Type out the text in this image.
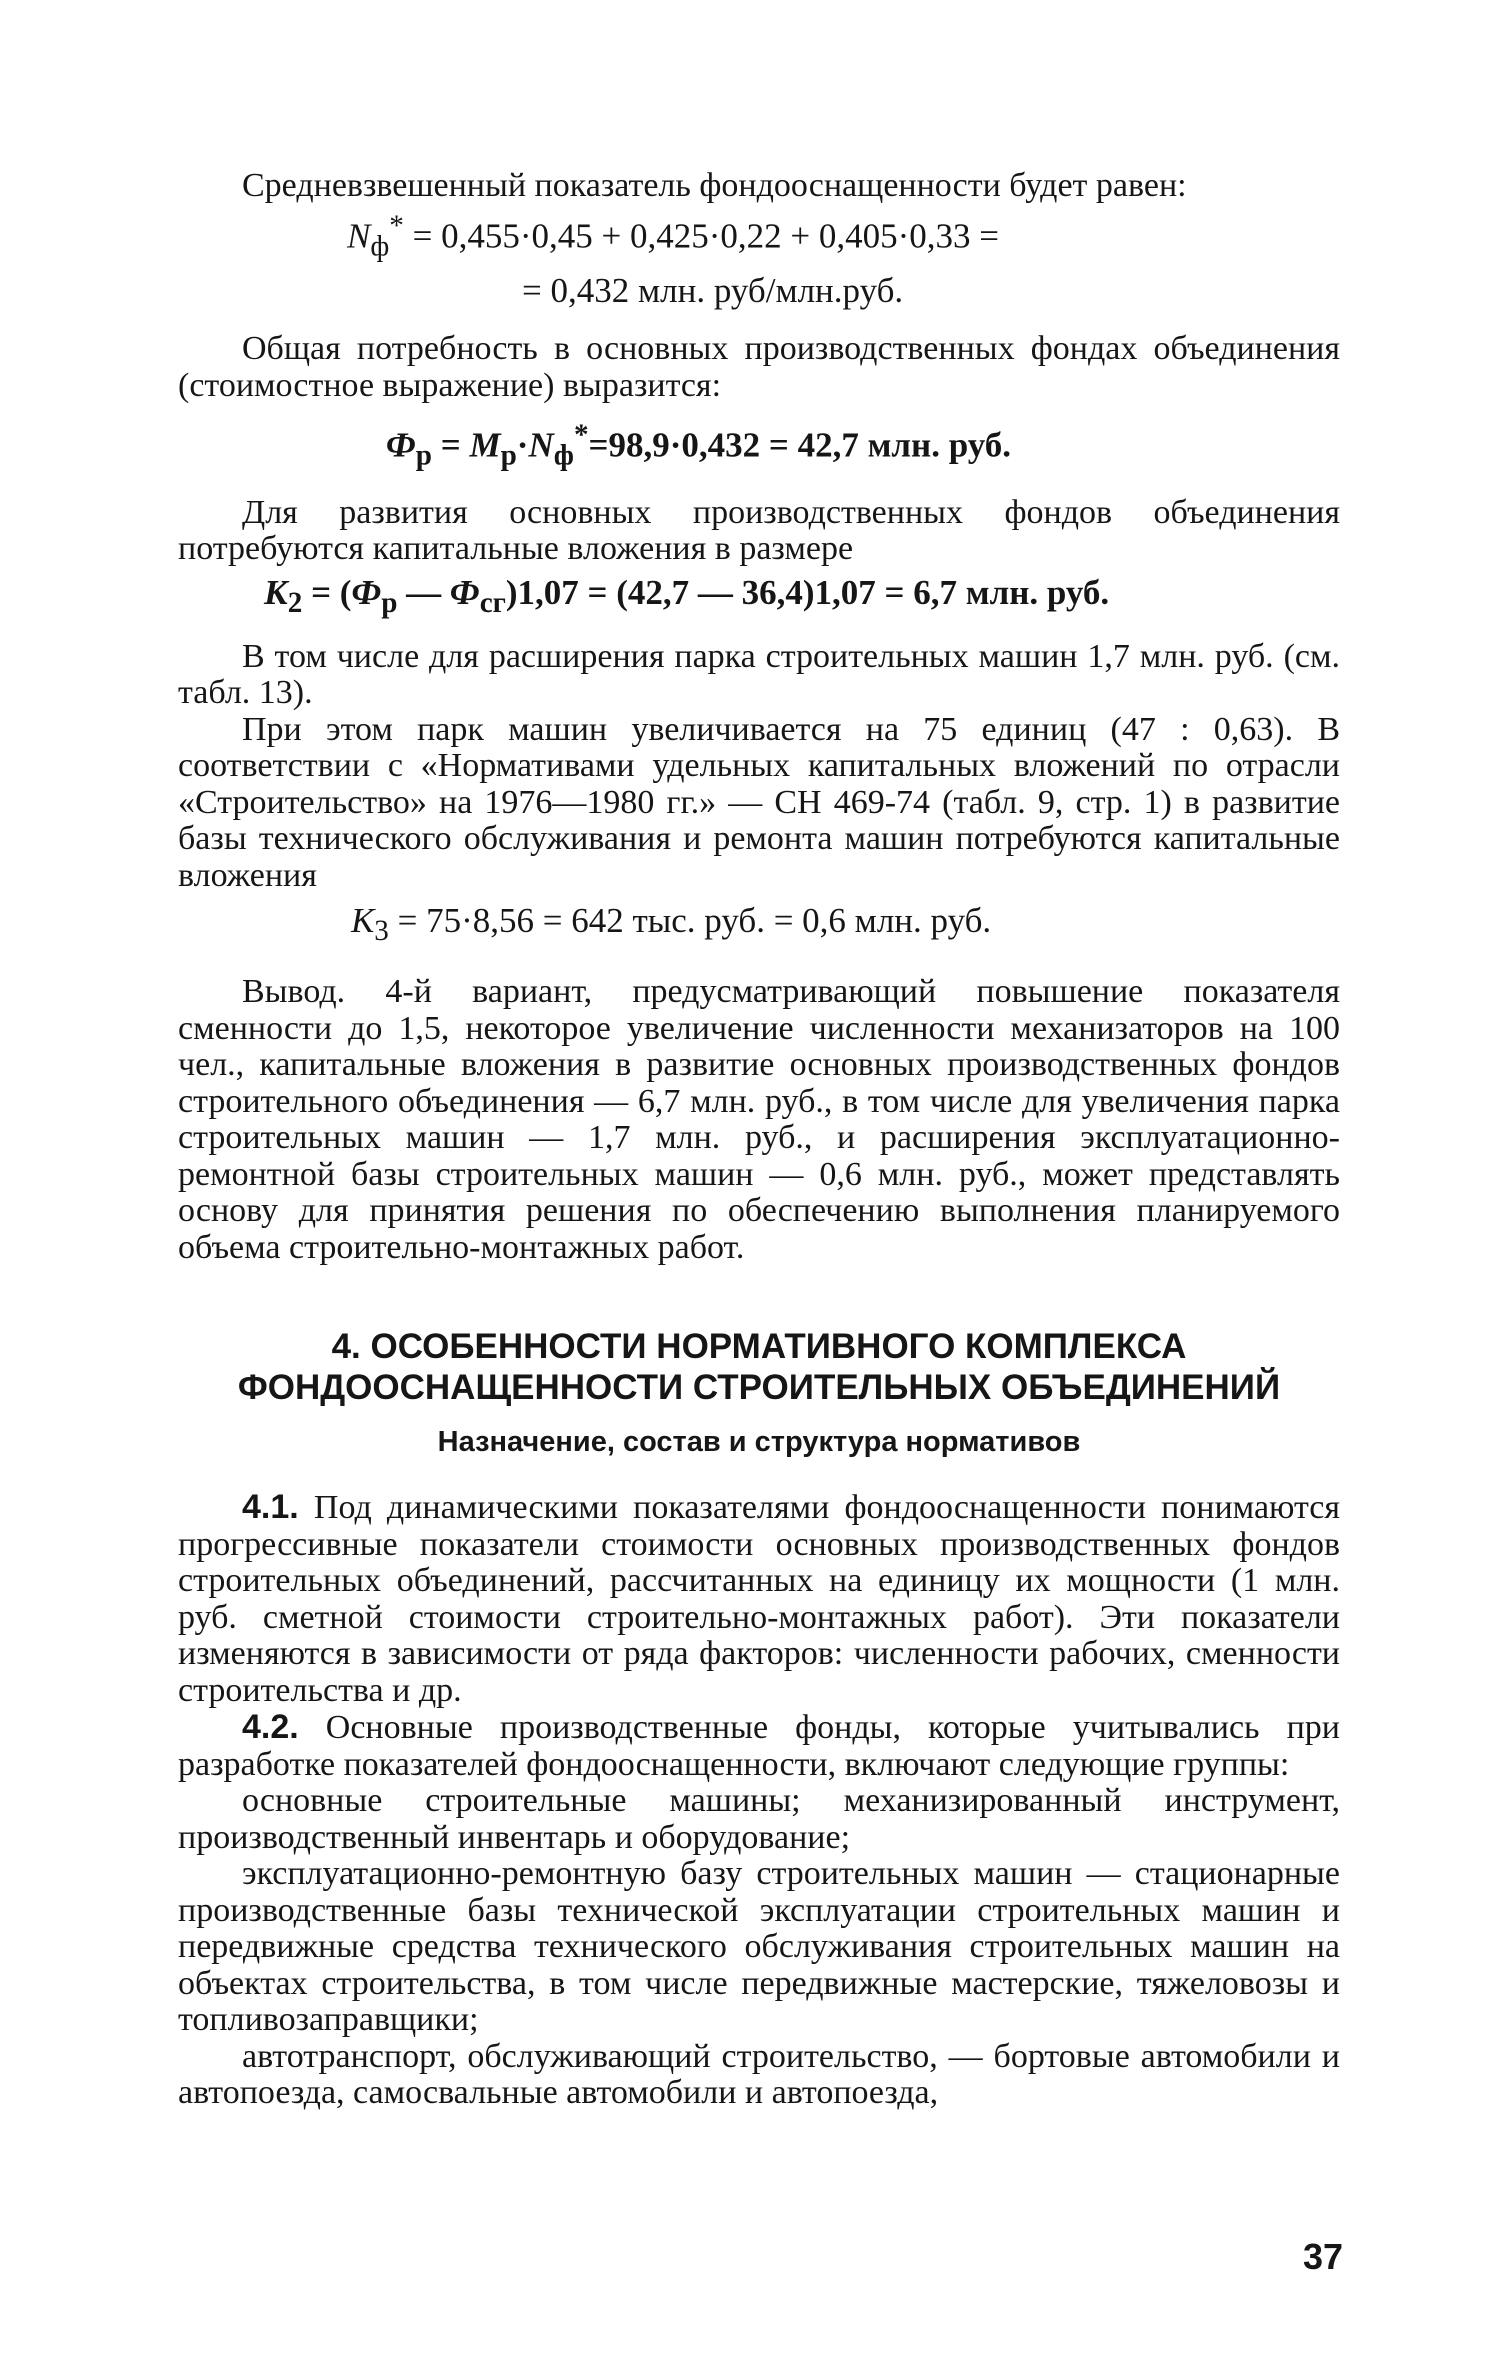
Средневзвешенный показатель фондооснащенности будет равен:

$N_ф^* = 0,455\cdot 0,45 + 0,425\cdot 0,22 + 0,405\cdot 0,33$ =
= 0,432 млн. руб/млн.руб.

Общая потребность в основных производственных фондах объединения (стоимостное выражение) выразится:

$Ф_р = М_р\cdot N_ф^*=98,9\cdot 0,432 = 42,7$ млн. руб.

Для развития основных производственных фондов объединения потребуются капитальные вложения в размере

$К_2 = (Ф_р$ — $Ф_{сг})1,07 = (42,7$ — 36,4)1,07 = 6,7 млн. руб.

В том числе для расширения парка строительных машин 1,7 млн. руб. (см. табл. 13).

При этом парк машин увеличивается на 75 единиц (47 : 0,63). В соответствии с «Нормативами удельных капитальных вложений по отрасли «Строительство» на 1976—1980 гг.» — СН 469-74 (табл. 9, стр. 1) в развитие базы технического обслуживания и ремонта машин потребуются капитальные вложения

$К_3 = 75\cdot 8,56 = 642$ тыс. руб. = 0,6 млн. руб.

Вывод. 4-й вариант, предусматривающий повышение показателя сменности до 1,5, некоторое увеличение численности механизаторов на 100 чел., капитальные вложения в развитие основных производственных фондов строительного объединения — 6,7 млн. руб., в том числе для увеличения парка строительных машин — 1,7 млн. руб., и расширения эксплуатационно-ремонтной базы строительных машин — 0,6 млн. руб., может представлять основу для принятия решения по обеспечению выполнения планируемого объема строительно-монтажных работ.

4. ОСОБЕННОСТИ НОРМАТИВНОГО КОМПЛЕКСА
ФОНДООСНАЩЕННОСТИ СТРОИТЕЛЬНЫХ ОБЪЕДИНЕНИЙ
Назначение, состав и структура нормативов

4.1. Под динамическими показателями фондооснащенности понимаются прогрессивные показатели стоимости основных производственных фондов строительных объединений, рассчитанных на единицу их мощности (1 млн. руб. сметной стоимости строительно-монтажных работ). Эти показатели изменяются в зависимости от ряда факторов: численности рабочих, сменности строительства и др.

4.2. Основные производственные фонды, которые учитывались при разработке показателей фондооснащенности, включают следующие группы:

основные строительные машины; механизированный инструмент, производственный инвентарь и оборудование;

эксплуатационно-ремонтную базу строительных машин — стационарные производственные базы технической эксплуатации строительных машин и передвижные средства технического обслуживания строительных машин на объектах строительства, в том числе передвижные мастерские, тяжеловозы и топливозаправщики;

автотранспорт, обслуживающий строительство, — бортовые автомобили и автопоезда, самосвальные автомобили и автопоезда,

37
